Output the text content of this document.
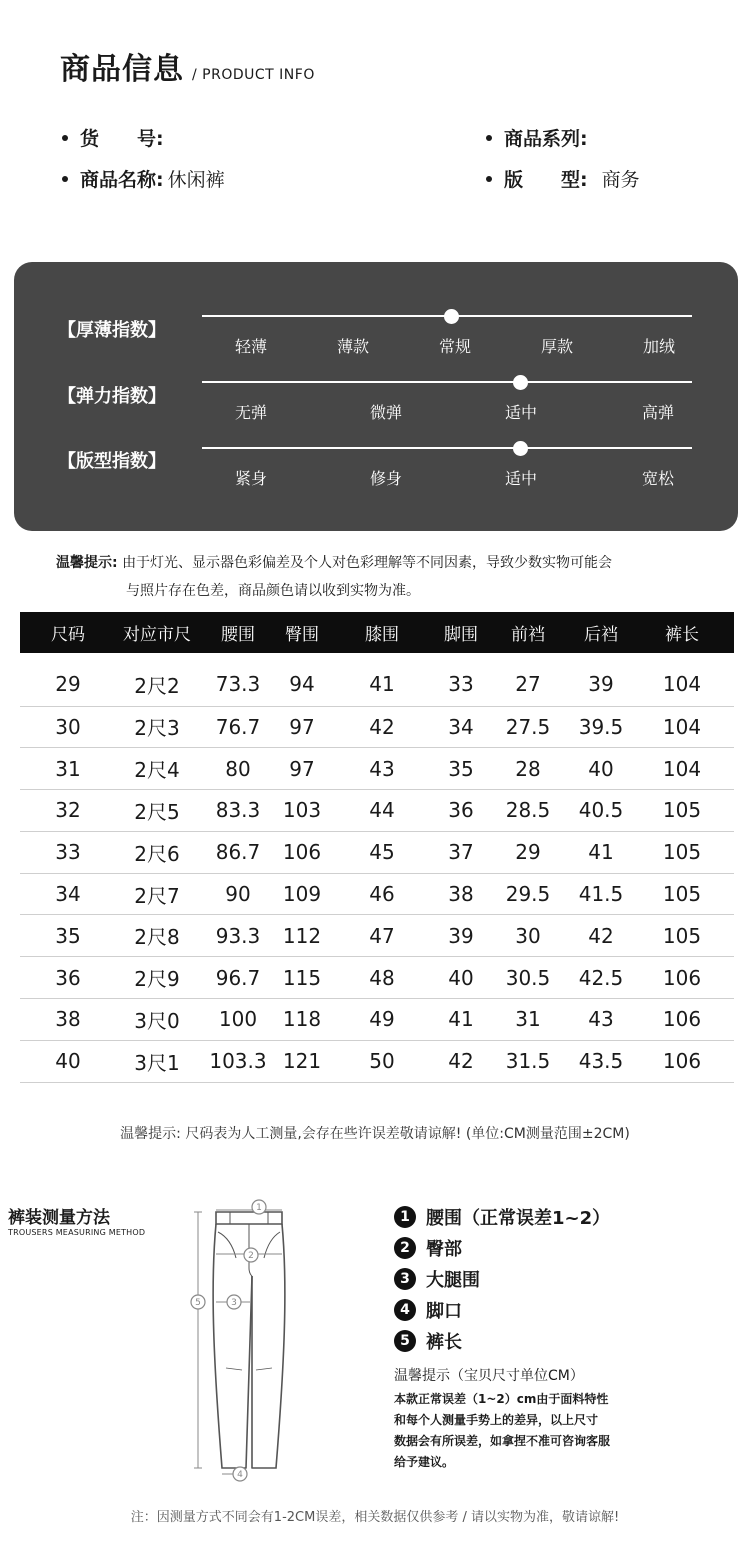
商品信息 / PRODUCT INFO
货　　号:	商品系列:
商品名称: 休闲裤	版　　型: 商务
【厚薄指数】
轻薄	薄款	常规	厚款	加绒
【弹力指数】
无弹	微弹	适中	高弹
【版型指数】
紧身	修身	适中	宽松
温馨提示: 由于灯光、显示器色彩偏差及个人对色彩理解等不同因素，导致少数实物可能会
与照片存在色差，商品颜色请以收到实物为准。
尺码	对应市尺	腰围	臀围	膝围	脚围	前裆	后裆	裤长
29	2尺2	73.3	94	41	33	27	39	104
30	2尺3	76.7	97	42	34	27.5	39.5	104
31	2尺4	80	97	43	35	28	40	104
32	2尺5	83.3	103	44	36	28.5	40.5	105
33	2尺6	86.7	106	45	37	29	41	105
34	2尺7	90	109	46	38	29.5	41.5	105
35	2尺8	93.3	112	47	39	30	42	105
36	2尺9	96.7	115	48	40	30.5	42.5	106
38	3尺0	100	118	49	41	31	43	106
40	3尺1	103.3	121	50	42	31.5	43.5	106
温馨提示: 尺码表为人工测量,会存在些许误差敬请谅解! (单位:CM测量范围±2CM)
裤装测量方法
TROUSERS MEASURING METHOD
1
2
3
4
5
1 腰围（正常误差1~2）
2 臀部
3 大腿围
4 脚口
5 裤长
温馨提示（宝贝尺寸单位CM）
本款正常误差（1~2）cm由于面料特性
和每个人测量手势上的差异，以上尺寸
数据会有所误差，如拿捏不准可咨询客服
给予建议。
注：因测量方式不同会有1-2CM误差，相关数据仅供参考 / 请以实物为准，敬请谅解!
